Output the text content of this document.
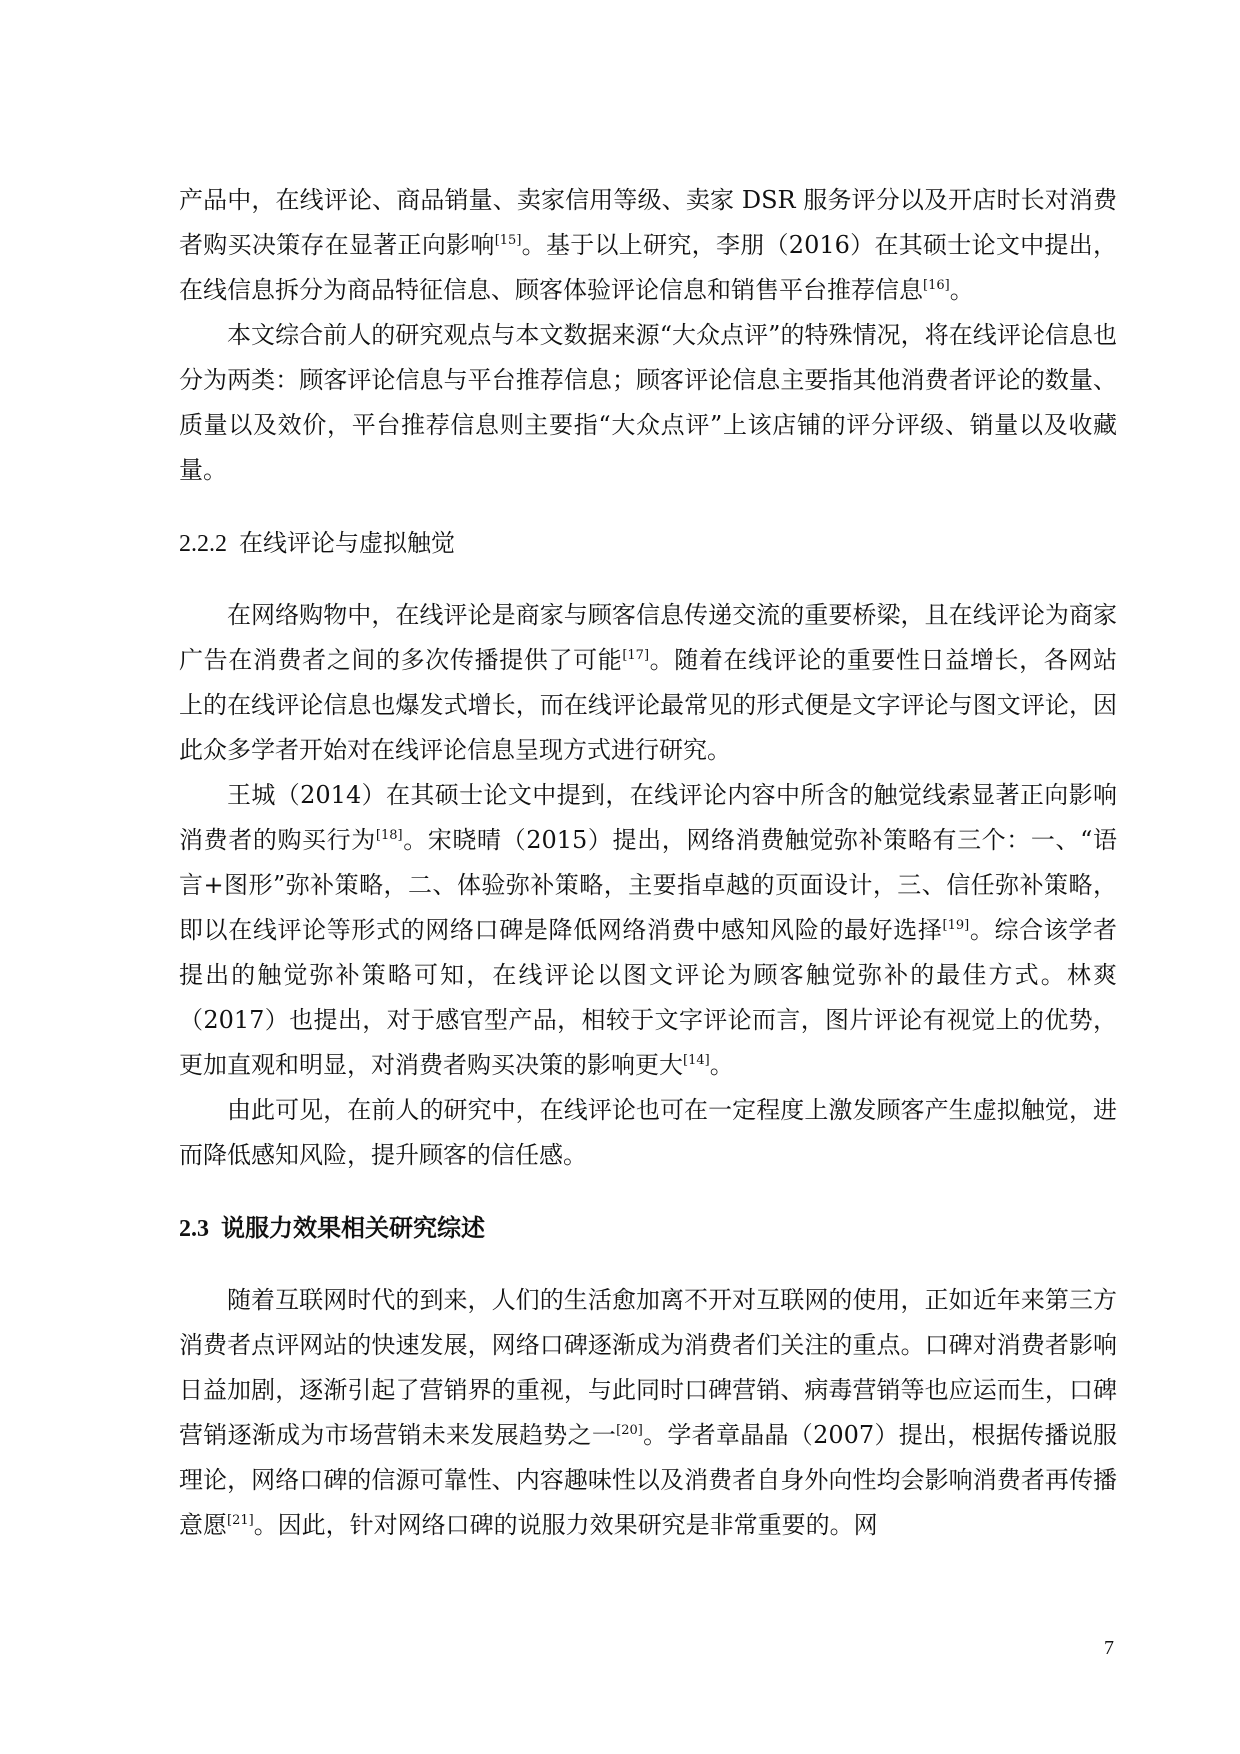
产品中，在线评论、商品销量、卖家信用等级、卖家 DSR 服务评分以及开店时长对消费者购买决策存在显著正向影响[15]。基于以上研究，李朋（2016）在其硕士论文中提出，在线信息拆分为商品特征信息、顾客体验评论信息和销售平台推荐信息[16]。

本文综合前人的研究观点与本文数据来源“大众点评”的特殊情况，将在线评论信息也分为两类：顾客评论信息与平台推荐信息；顾客评论信息主要指其他消费者评论的数量、质量以及效价，平台推荐信息则主要指“大众点评”上该店铺的评分评级、销量以及收藏量。

2.2.2 在线评论与虚拟触觉

在网络购物中，在线评论是商家与顾客信息传递交流的重要桥梁，且在线评论为商家广告在消费者之间的多次传播提供了可能[17]。随着在线评论的重要性日益增长，各网站上的在线评论信息也爆发式增长，而在线评论最常见的形式便是文字评论与图文评论，因此众多学者开始对在线评论信息呈现方式进行研究。

王城（2014）在其硕士论文中提到，在线评论内容中所含的触觉线索显著正向影响消费者的购买行为[18]。宋晓晴（2015）提出，网络消费触觉弥补策略有三个：一、“语言+图形”弥补策略，二、体验弥补策略，主要指卓越的页面设计，三、信任弥补策略，即以在线评论等形式的网络口碑是降低网络消费中感知风险的最好选择[19]。综合该学者提出的触觉弥补策略可知，在线评论以图文评论为顾客触觉弥补的最佳方式。林爽（2017）也提出，对于感官型产品，相较于文字评论而言，图片评论有视觉上的优势，更加直观和明显，对消费者购买决策的影响更大[14]。

由此可见，在前人的研究中，在线评论也可在一定程度上激发顾客产生虚拟触觉，进而降低感知风险，提升顾客的信任感。

2.3 说服力效果相关研究综述

随着互联网时代的到来，人们的生活愈加离不开对互联网的使用，正如近年来第三方消费者点评网站的快速发展，网络口碑逐渐成为消费者们关注的重点。口碑对消费者影响日益加剧，逐渐引起了营销界的重视，与此同时口碑营销、病毒营销等也应运而生，口碑营销逐渐成为市场营销未来发展趋势之一[20]。学者章晶晶（2007）提出，根据传播说服理论，网络口碑的信源可靠性、内容趣味性以及消费者自身外向性均会影响消费者再传播意愿[21]。因此，针对网络口碑的说服力效果研究是非常重要的。网

7
